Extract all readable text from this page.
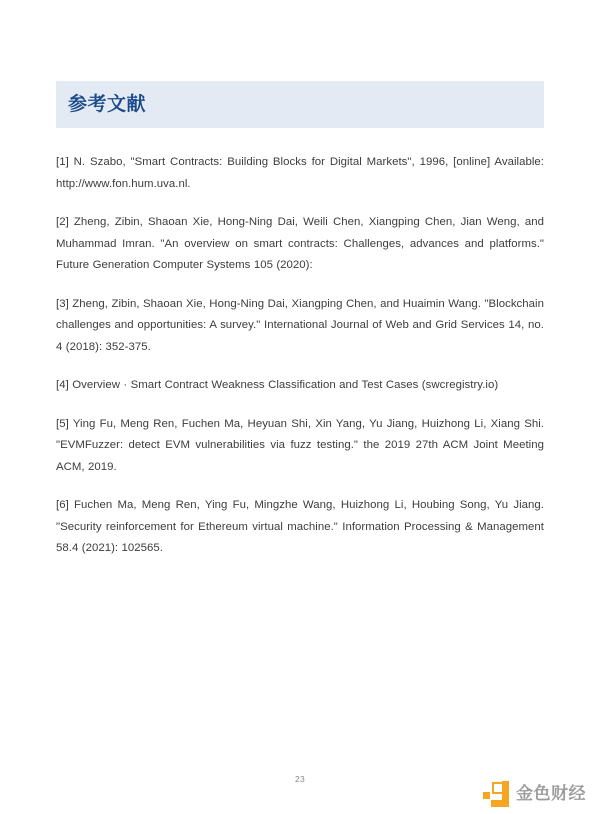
参考文献

[1] N. Szabo, "Smart Contracts: Building Blocks for Digital Markets", 1996, [online] Available: http://www.fon.hum.uva.nl.

[2] Zheng, Zibin, Shaoan Xie, Hong-Ning Dai, Weili Chen, Xiangping Chen, Jian Weng, and Muhammad Imran. "An overview on smart contracts: Challenges, advances and platforms." Future Generation Computer Systems 105 (2020):

[3] Zheng, Zibin, Shaoan Xie, Hong-Ning Dai, Xiangping Chen, and Huaimin Wang. "Blockchain challenges and opportunities: A survey." International Journal of Web and Grid Services 14, no. 4 (2018): 352-375.

[4] Overview · Smart Contract Weakness Classification and Test Cases (swcregistry.io)

[5] Ying Fu, Meng Ren, Fuchen Ma, Heyuan Shi, Xin Yang, Yu Jiang, Huizhong Li, Xiang Shi. "EVMFuzzer: detect EVM vulnerabilities via fuzz testing." the 2019 27th ACM Joint Meeting ACM, 2019.

[6] Fuchen Ma, Meng Ren, Ying Fu, Mingzhe Wang, Huizhong Li, Houbing Song, Yu Jiang. "Security reinforcement for Ethereum virtual machine." Information Processing & Management 58.4 (2021): 102565.

23
金色财经
